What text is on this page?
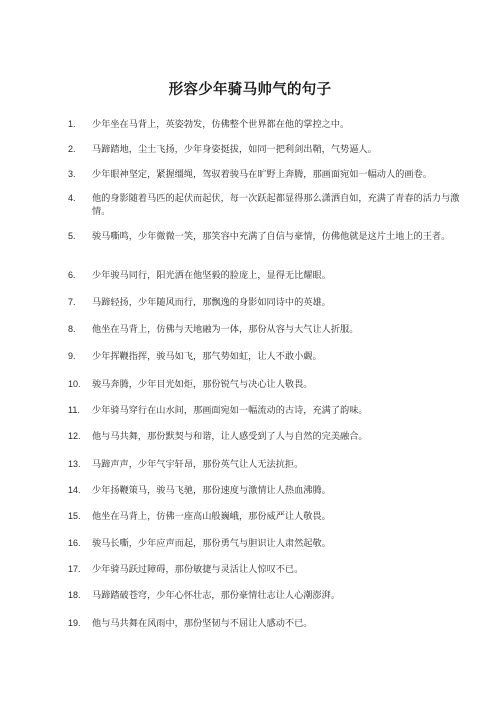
形容少年骑马帅气的句子
1.	少年坐在马背上，英姿勃发，仿佛整个世界都在他的掌控之中。
2.	马蹄踏地，尘土飞扬，少年身姿挺拔，如同一把利剑出鞘，气势逼人。
3.	少年眼神坚定，紧握缰绳，驾驭着骏马在旷野上奔腾，那画面宛如一幅动人的画卷。
4.	他的身影随着马匹的起伏而起伏，每一次跃起都显得那么潇洒自如，充满了青春的活力与激情。
5.	骏马嘶鸣，少年微微一笑，那笑容中充满了自信与豪情，仿佛他就是这片土地上的王者。
6.	少年骏马同行，阳光洒在他坚毅的脸庞上，显得无比耀眼。
7.	马蹄轻扬，少年随风而行，那飘逸的身影如同诗中的英雄。
8.	他坐在马背上，仿佛与天地融为一体，那份从容与大气让人折服。
9.	少年挥鞭指挥，骏马如飞，那气势如虹，让人不敢小觑。
10.	骏马奔腾，少年目光如炬，那份锐气与决心让人敬畏。
11.	少年骑马穿行在山水间，那画面宛如一幅流动的古诗，充满了韵味。
12.	他与马共舞，那份默契与和谐，让人感受到了人与自然的完美融合。
13.	马蹄声声，少年气宇轩昂，那份英气让人无法抗拒。
14.	少年扬鞭策马，骏马飞驰，那份速度与激情让人热血沸腾。
15.	他坐在马背上，仿佛一座高山般巍峨，那份威严让人敬畏。
16.	骏马长嘶，少年应声而起，那份勇气与胆识让人肃然起敬。
17.	少年骑马跃过障碍，那份敏捷与灵活让人惊叹不已。
18.	马蹄踏破苍穹，少年心怀壮志，那份豪情壮志让人心潮澎湃。
19.	他与马共舞在风雨中，那份坚韧与不屈让人感动不已。
